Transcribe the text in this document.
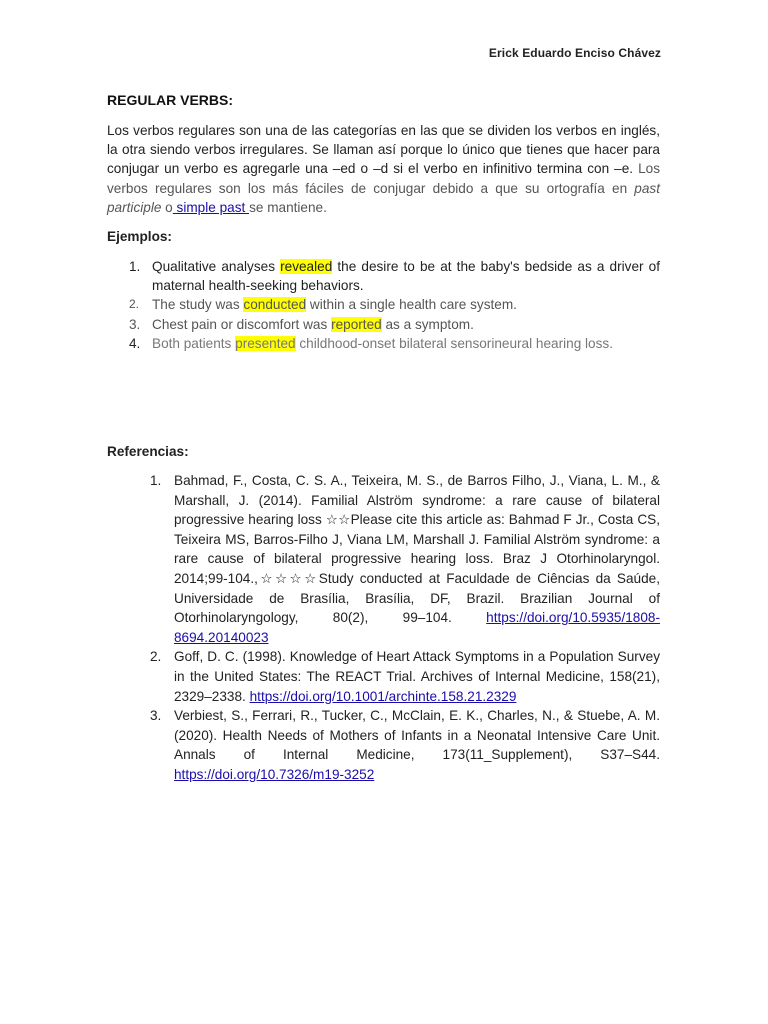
Erick Eduardo Enciso Chávez
REGULAR VERBS:

Los verbos regulares son una de las categorías en las que se dividen los verbos en inglés, la otra siendo verbos irregulares. Se llaman así porque lo único que tienes que hacer para conjugar un verbo es agregarle una –ed o –d si el verbo en infinitivo termina con –e. Los verbos regulares son los más fáciles de conjugar debido a que su ortografía en past participle o simple past se mantiene.

Ejemplos:
1. Qualitative analyses revealed the desire to be at the baby's bedside as a driver of maternal health-seeking behaviors.
2. The study was conducted within a single health care system.
3. Chest pain or discomfort was reported as a symptom.
4. Both patients presented childhood-onset bilateral sensorineural hearing loss.
Referencias:
1. Bahmad, F., Costa, C. S. A., Teixeira, M. S., de Barros Filho, J., Viana, L. M., & Marshall, J. (2014). Familial Alström syndrome: a rare cause of bilateral progressive hearing loss ☆☆Please cite this article as: Bahmad F Jr., Costa CS, Teixeira MS, Barros-Filho J, Viana LM, Marshall J. Familial Alström syndrome: a rare cause of bilateral progressive hearing loss. Braz J Otorhinolaryngol. 2014;99-104.,☆☆☆☆Study conducted at Faculdade de Ciências da Saúde, Universidade de Brasília, Brasília, DF, Brazil. Brazilian Journal of Otorhinolaryngology, 80(2), 99–104. https://doi.org/10.5935/1808-8694.20140023
2. Goff, D. C. (1998). Knowledge of Heart Attack Symptoms in a Population Survey in the United States: The REACT Trial. Archives of Internal Medicine, 158(21), 2329–2338. https://doi.org/10.1001/archinte.158.21.2329
3. Verbiest, S., Ferrari, R., Tucker, C., McClain, E. K., Charles, N., & Stuebe, A. M. (2020). Health Needs of Mothers of Infants in a Neonatal Intensive Care Unit. Annals of Internal Medicine, 173(11_Supplement), S37–S44. https://doi.org/10.7326/m19-3252
